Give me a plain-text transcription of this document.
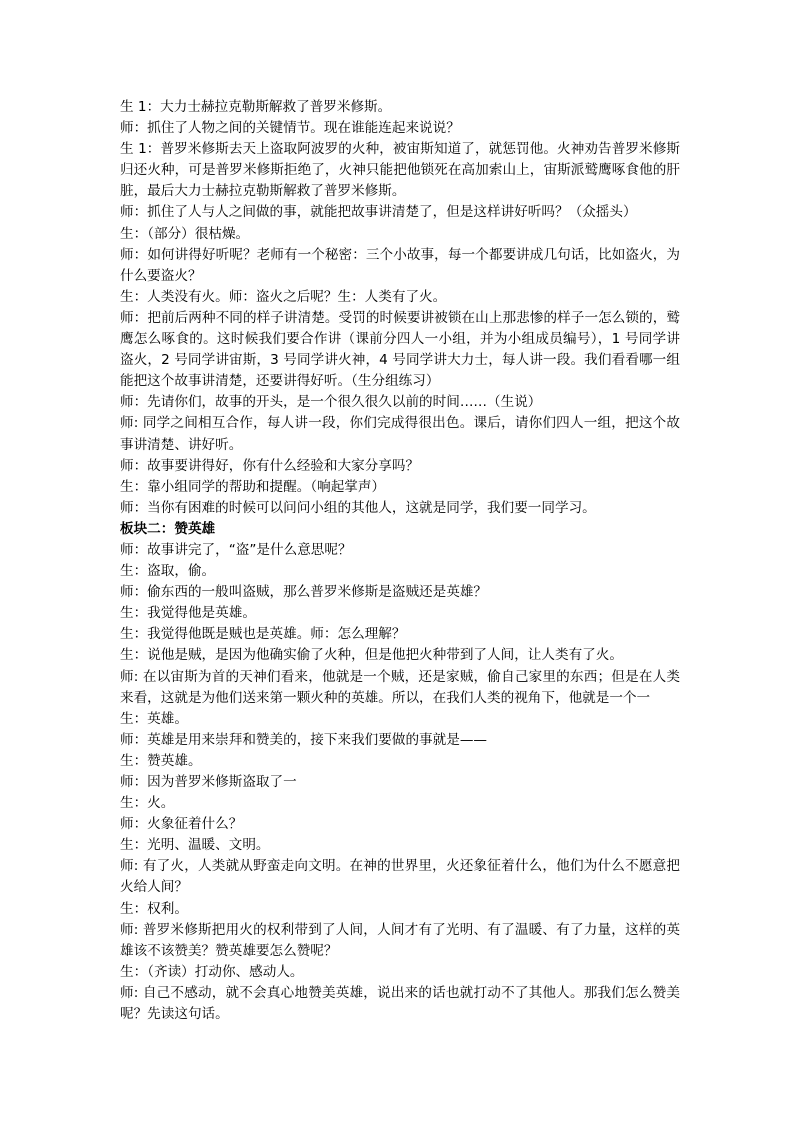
生 1：大力士赫拉克勒斯解救了普罗米修斯。

师：抓住了人物之间的关键情节。现在谁能连起来说说？

生 1：普罗米修斯去天上盗取阿波罗的火种，被宙斯知道了，就惩罚他。火神劝告普罗米修斯归还火种，可是普罗米修斯拒绝了，火神只能把他锁死在高加索山上，宙斯派鹫鹰啄食他的肝脏，最后大力士赫拉克勒斯解救了普罗米修斯。

师：抓住了人与人之间做的事，就能把故事讲清楚了，但是这样讲好听吗？（众摇头）

生：（部分）很枯燥。

师：如何讲得好听呢？老师有一个秘密：三个小故事，每一个都要讲成几句话，比如盗火，为什么要盗火？

生：人类没有火。师：盗火之后呢？生：人类有了火。

师：把前后两种不同的样子讲清楚。受罚的时候要讲被锁在山上那悲惨的样子一怎么锁的，鹫鹰怎么啄食的。这时候我们要合作讲（课前分四人一小组，并为小组成员编号），1 号同学讲盗火，2 号同学讲宙斯，3 号同学讲火神，4 号同学讲大力士，每人讲一段。我们看看哪一组能把这个故事讲清楚，还要讲得好听。（生分组练习）

师：先请你们，故事的开头，是一个很久很久以前的时间……（生说）

师: 同学之间相互合作，每人讲一段，你们完成得很出色。课后，请你们四人一组，把这个故事讲清楚、讲好听。

师：故事要讲得好，你有什么经验和大家分享吗？

生：靠小组同学的帮助和提醒。（响起掌声）

师：当你有困难的时候可以问问小组的其他人，这就是同学，我们要一同学习。

板块二：赞英雄

师：故事讲完了，“盗”是什么意思呢？

生：盗取，偷。

师：偷东西的一般叫盗贼，那么普罗米修斯是盗贼还是英雄？

生：我觉得他是英雄。

生：我觉得他既是贼也是英雄。师：怎么理解？

生：说他是贼，是因为他确实偷了火种，但是他把火种带到了人间，让人类有了火。

师: 在以宙斯为首的天神们看来，他就是一个贼，还是家贼，偷自己家里的东西；但是在人类来看，这就是为他们送来第一颗火种的英雄。所以，在我们人类的视角下，他就是一个一

生：英雄。

师：英雄是用来崇拜和赞美的，接下来我们要做的事就是——

生：赞英雄。

师：因为普罗米修斯盗取了一

生：火。

师：火象征着什么？

生：光明、温暖、文明。

师: 有了火，人类就从野蛮走向文明。在神的世界里，火还象征着什么，他们为什么不愿意把火给人间？

生：权利。

师: 普罗米修斯把用火的权利带到了人间，人间才有了光明、有了温暖、有了力量，这样的英雄该不该赞美？赞英雄要怎么赞呢？

生：（齐读）打动你、感动人。

师: 自己不感动，就不会真心地赞美英雄，说出来的话也就打动不了其他人。那我们怎么赞美呢？先读这句话。
